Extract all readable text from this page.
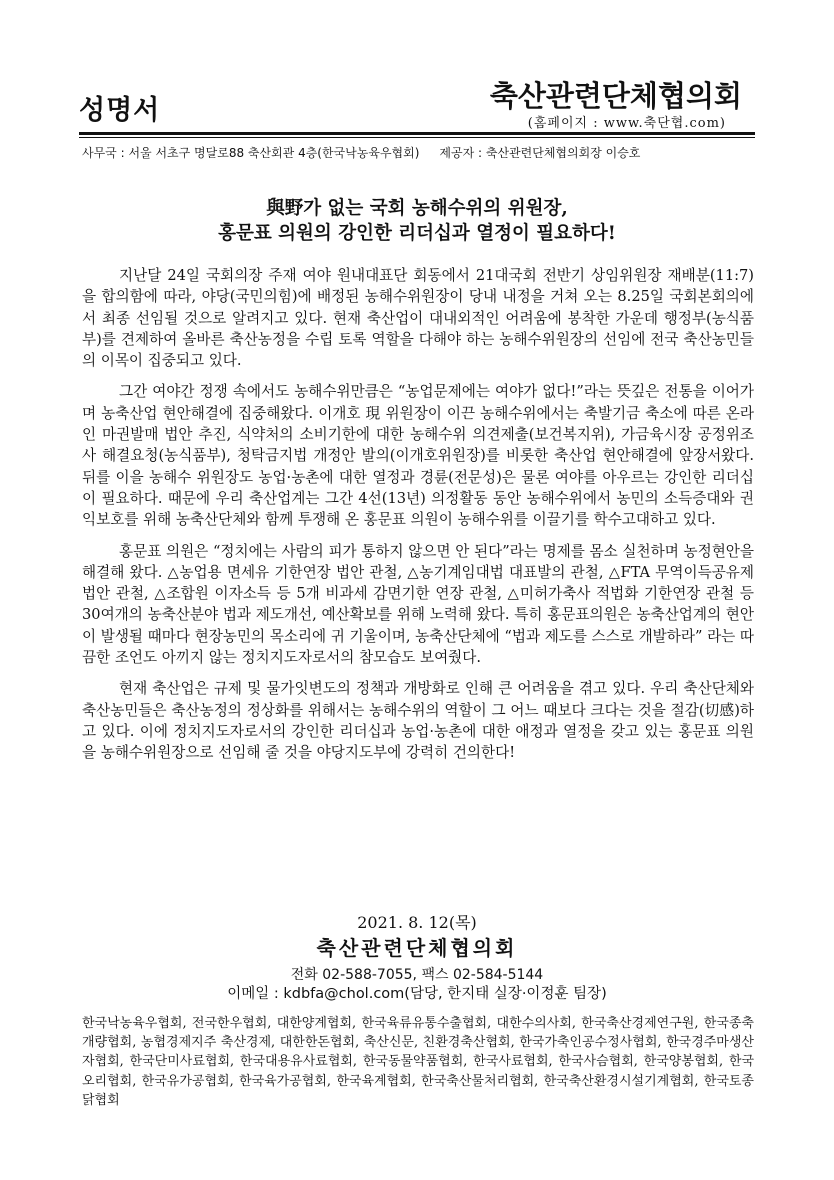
성명서	축산관련단체협의회
(홈페이지 : www.축단협.com)
사무국 : 서울 서초구 명달로88 축산회관 4층(한국낙농육우협회) 제공자 : 축산관련단체협의회장 이승호
與野가 없는 국회 농해수위의 위원장,
홍문표 의원의 강인한 리더십과 열정이 필요하다!

지난달 24일 국회의장 주재 여야 원내대표단 회동에서 21대국회 전반기 상임위원장 재배분(11:7)을 합의함에 따라, 야당(국민의힘)에 배정된 농해수위원장이 당내 내정을 거쳐 오는 8.25일 국회본회의에서 최종 선임될 것으로 알려지고 있다. 현재 축산업이 대내외적인 어려움에 봉착한 가운데 행정부(농식품부)를 견제하여 올바른 축산농정을 수립 토록 역할을 다해야 하는 농해수위원장의 선임에 전국 축산농민들의 이목이 집중되고 있다.

그간 여야간 정쟁 속에서도 농해수위만큼은 “농업문제에는 여야가 없다!”라는 뜻깊은 전통을 이어가며 농축산업 현안해결에 집중해왔다. 이개호 現 위원장이 이끈 농해수위에서는 축발기금 축소에 따른 온라인 마권발매 법안 추진, 식약처의 소비기한에 대한 농해수위 의견제출(보건복지위), 가금육시장 공정위조사 해결요청(농식품부), 청탁금지법 개정안 발의(이개호위원장)를 비롯한 축산업 현안해결에 앞장서왔다. 뒤를 이을 농해수 위원장도 농업·농촌에 대한 열정과 경륜(전문성)은 물론 여야를 아우르는 강인한 리더십이 필요하다. 때문에 우리 축산업계는 그간 4선(13년) 의정활동 동안 농해수위에서 농민의 소득증대와 권익보호를 위해 농축산단체와 함께 투쟁해 온 홍문표 의원이 농해수위를 이끌기를 학수고대하고 있다.

홍문표 의원은 “정치에는 사람의 피가 통하지 않으면 안 된다”라는 명제를 몸소 실천하며 농정현안을 해결해 왔다. △농업용 면세유 기한연장 법안 관철, △농기계임대법 대표발의 관철, △FTA 무역이득공유제 법안 관철, △조합원 이자소득 등 5개 비과세 감면기한 연장 관철, △미허가축사 적법화 기한연장 관철 등 30여개의 농축산분야 법과 제도개선, 예산확보를 위해 노력해 왔다. 특히 홍문표의원은 농축산업계의 현안이 발생될 때마다 현장농민의 목소리에 귀 기울이며, 농축산단체에 “법과 제도를 스스로 개발하라” 라는 따끔한 조언도 아끼지 않는 정치지도자로서의 참모습도 보여줬다.

현재 축산업은 규제 및 물가잇변도의 정책과 개방화로 인해 큰 어려움을 겪고 있다. 우리 축산단체와 축산농민들은 축산농정의 정상화를 위해서는 농해수위의 역할이 그 어느 때보다 크다는 것을 절감(切感)하고 있다. 이에 정치지도자로서의 강인한 리더십과 농업·농촌에 대한 애정과 열정을 갖고 있는 홍문표 의원을 농해수위원장으로 선임해 줄 것을 야당지도부에 강력히 건의한다!

2021. 8. 12(목)
축산관련단체협의회
전화 02-588-7055, 팩스 02-584-5144
이메일 : kdbfa@chol.com(담당, 한지태 실장·이정훈 팀장)
한국낙농육우협회, 전국한우협회, 대한양계협회, 한국육류유통수출협회, 대한수의사회, 한국축산경제연구원, 한국종축개량협회, 농협경제지주 축산경제, 대한한돈협회, 축산신문, 친환경축산협회, 한국가축인공수정사협회, 한국경주마생산자협회, 한국단미사료협회, 한국대용유사료협회, 한국동물약품협회, 한국사료협회, 한국사슴협회, 한국양봉협회, 한국오리협회, 한국유가공협회, 한국육가공협회, 한국육계협회, 한국축산물처리협회, 한국축산환경시설기계협회, 한국토종닭협회
